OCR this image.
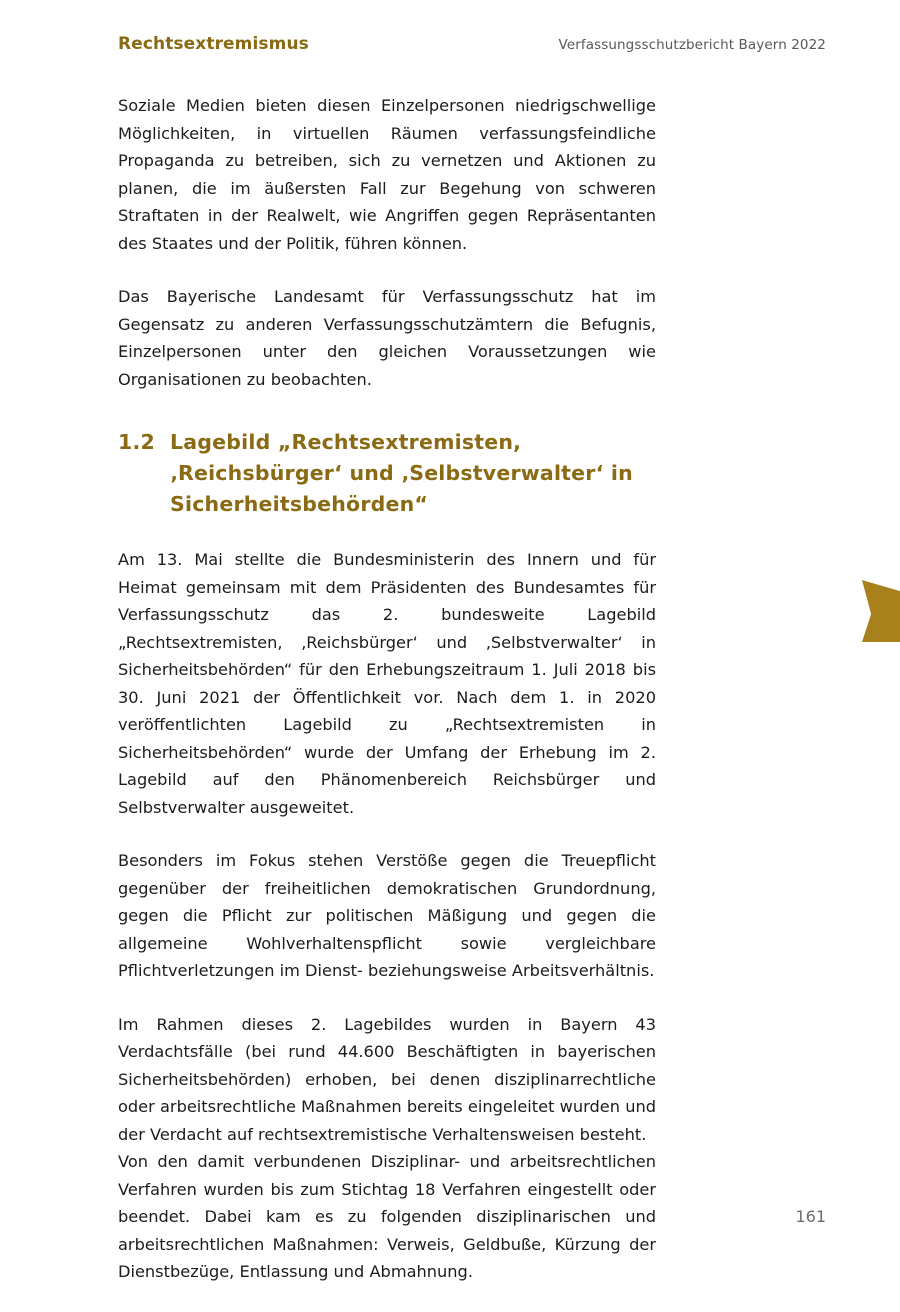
Rechtsextremismus	Verfassungsschutzbericht Bayern 2022

Soziale Medien bieten diesen Einzelpersonen niedrigschwellige Möglichkeiten, in virtuellen Räumen verfassungsfeindliche Propaganda zu betreiben, sich zu vernetzen und Aktionen zu planen, die im äußersten Fall zur Begehung von schweren Straftaten in der Realwelt, wie Angriffen gegen Repräsentanten des Staates und der Politik, führen können.

Das Bayerische Landesamt für Verfassungsschutz hat im Gegensatz zu anderen Verfassungsschutzämtern die Befugnis, Einzelpersonen unter den gleichen Voraussetzungen wie Organisationen zu beobachten.

1.2 Lagebild „Rechtsextremisten, ‚Reichsbürger‘ und ‚Selbstverwalter‘ in Sicherheitsbehörden“

Am 13. Mai stellte die Bundesministerin des Innern und für Heimat gemeinsam mit dem Präsidenten des Bundesamtes für Verfassungsschutz das 2. bundesweite Lagebild „Rechtsextremisten, ‚Reichsbürger‘ und ‚Selbstverwalter‘ in Sicherheitsbehörden“ für den Erhebungszeitraum 1. Juli 2018 bis 30. Juni 2021 der Öffentlichkeit vor. Nach dem 1. in 2020 veröffentlichten Lagebild zu „Rechtsextremisten in Sicherheitsbehörden“ wurde der Umfang der Erhebung im 2. Lagebild auf den Phänomenbereich Reichsbürger und Selbstverwalter ausgeweitet.

Besonders im Fokus stehen Verstöße gegen die Treuepflicht gegenüber der freiheitlichen demokratischen Grundordnung, gegen die Pflicht zur politischen Mäßigung und gegen die allgemeine Wohlverhaltenspflicht sowie vergleichbare Pflichtverletzungen im Dienst- beziehungsweise Arbeitsverhältnis.

Im Rahmen dieses 2. Lagebildes wurden in Bayern 43 Verdachtsfälle (bei rund 44.600 Beschäftigten in bayerischen Sicherheitsbehörden) erhoben, bei denen disziplinarrechtliche oder arbeitsrechtliche Maßnahmen bereits eingeleitet wurden und der Verdacht auf rechtsextremistische Verhaltensweisen besteht.

Von den damit verbundenen Disziplinar- und arbeitsrechtlichen Verfahren wurden bis zum Stichtag 18 Verfahren eingestellt oder beendet. Dabei kam es zu folgenden disziplinarischen und arbeitsrechtlichen Maßnahmen: Verweis, Geldbuße, Kürzung der Dienstbezüge, Entlassung und Abmahnung.

161
